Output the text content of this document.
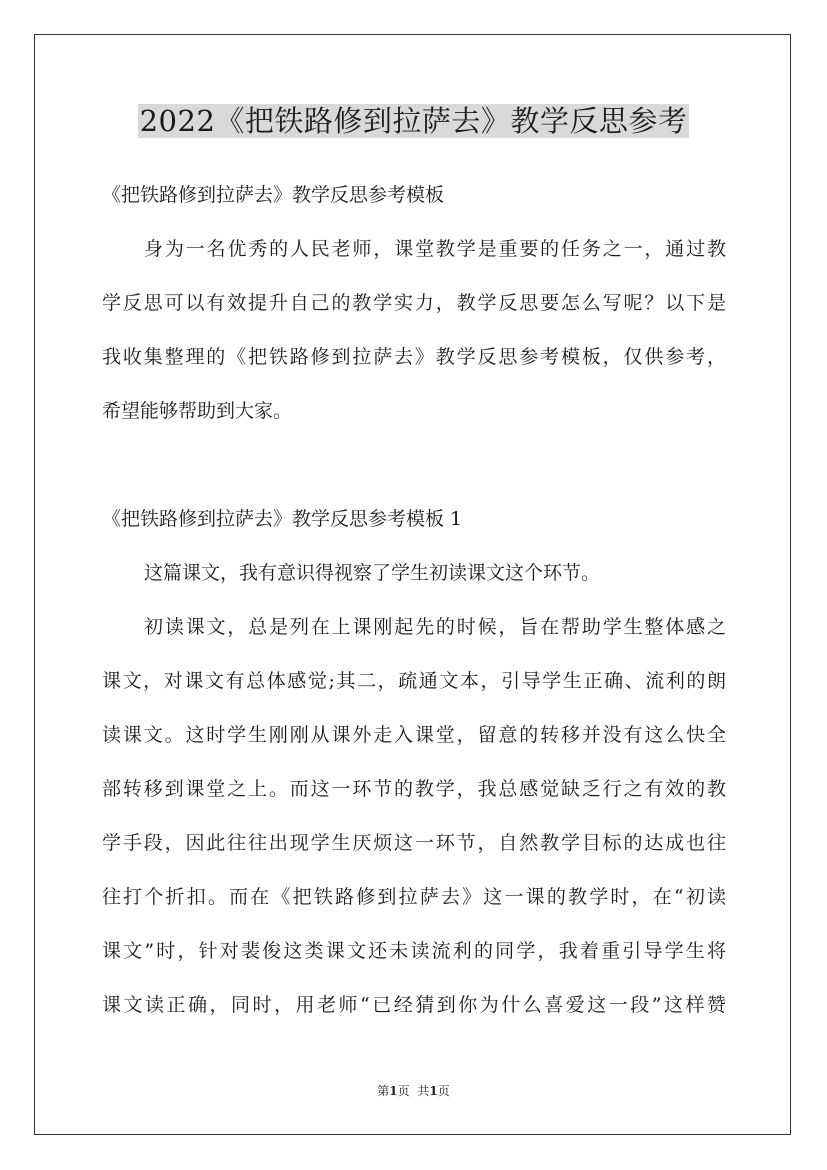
2022《把铁路修到拉萨去》教学反思参考
《把铁路修到拉萨去》教学反思参考模板
身为一名优秀的人民老师，课堂教学是重要的任务之一，通过教
学反思可以有效提升自己的教学实力，教学反思要怎么写呢？以下是
我收集整理的《把铁路修到拉萨去》教学反思参考模板，仅供参考，
希望能够帮助到大家。
《把铁路修到拉萨去》教学反思参考模板 1
这篇课文，我有意识得视察了学生初读课文这个环节。
初读课文，总是列在上课刚起先的时候，旨在帮助学生整体感之
课文，对课文有总体感觉;其二，疏通文本，引导学生正确、流利的朗
读课文。这时学生刚刚从课外走入课堂，留意的转移并没有这么快全
部转移到课堂之上。而这一环节的教学，我总感觉缺乏行之有效的教
学手段，因此往往出现学生厌烦这一环节，自然教学目标的达成也往
往打个折扣。而在《把铁路修到拉萨去》这一课的教学时，在“初读
课文”时，针对裴俊这类课文还未读流利的同学，我着重引导学生将
课文读正确，同时，用老师“已经猜到你为什么喜爱这一段”这样赞
第1页 共1页
